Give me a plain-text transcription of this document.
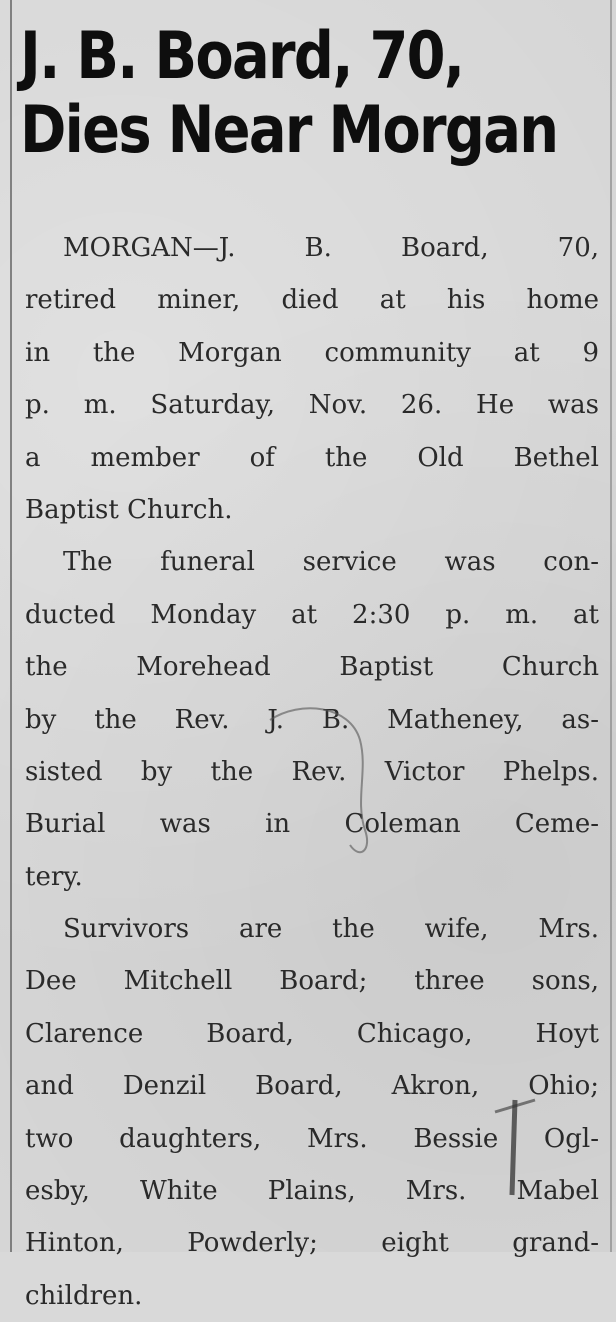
J. B. Board, 70,
Dies Near Morgan
MORGAN—J. B. Board, 70,
retired miner, died at his home
in the Morgan community at 9
p. m. Saturday, Nov. 26. He was
a member of the Old Bethel
Baptist Church.
The funeral service was con-
ducted Monday at 2:30 p. m. at
the Morehead Baptist Church
by the Rev. J. B. Matheney, as-
sisted by the Rev. Victor Phelps.
Burial was in Coleman Ceme-
tery.
Survivors are the wife, Mrs.
Dee Mitchell Board; three sons,
Clarence Board, Chicago, Hoyt
and Denzil Board, Akron, Ohio;
two daughters, Mrs. Bessie Ogl-
esby, White Plains, Mrs. Mabel
Hinton, Powderly; eight grand-
children.
